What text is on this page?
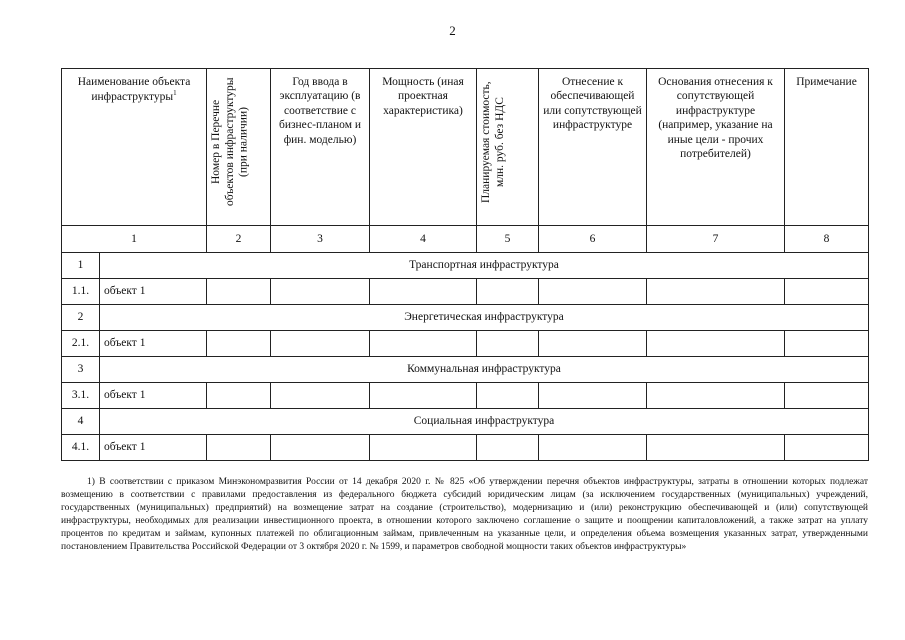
2
Наименование объекта инфраструктуры$^1$		Номер в Перечне объектов инфраструктуры (при наличии)	Год ввода в эксплуатацию (в соответствие с бизнес-планом и фин. моделью)	Мощность (иная проектная характеристика)	Планируемая стоимость, млн. руб. без НДС	Отнесение к обеспечивающей или сопутствующей инфраструктуре	Основания отнесения к сопутствующей инфраструктуре (например, указание на иные цели - прочих потребителей)	Примечание
1		2	3	4	5	6	7	8
1	Транспортная инфраструктура							
1.1.	объект 1							
2	Энергетическая инфраструктура							
2.1.	объект 1							
3	Коммунальная инфраструктура							
3.1.	объект 1							
4	Социальная инфраструктура							
4.1.	объект 1							
1) В соответствии с приказом Минэкономразвития России от 14 декабря 2020 г. № 825 «Об утверждении перечня объектов инфраструктуры, затраты в отношении которых подлежат возмещению в соответствии с правилами предоставления из федерального бюджета субсидий юридическим лицам (за исключением государственных (муниципальных) учреждений, государственных (муниципальных) предприятий) на возмещение затрат на создание (строительство), модернизацию и (или) реконструкцию обеспечивающей и (или) сопутствующей инфраструктуры, необходимых для реализации инвестиционного проекта, в отношении которого заключено соглашение о защите и поощрении капиталовложений, а также затрат на уплату процентов по кредитам и займам, купонных платежей по облигационным займам, привлеченным на указанные цели, и определения объема возмещения указанных затрат, утвержденными постановлением Правительства Российской Федерации от 3 октября 2020 г. № 1599, и параметров свободной мощности таких объектов инфраструктуры»
